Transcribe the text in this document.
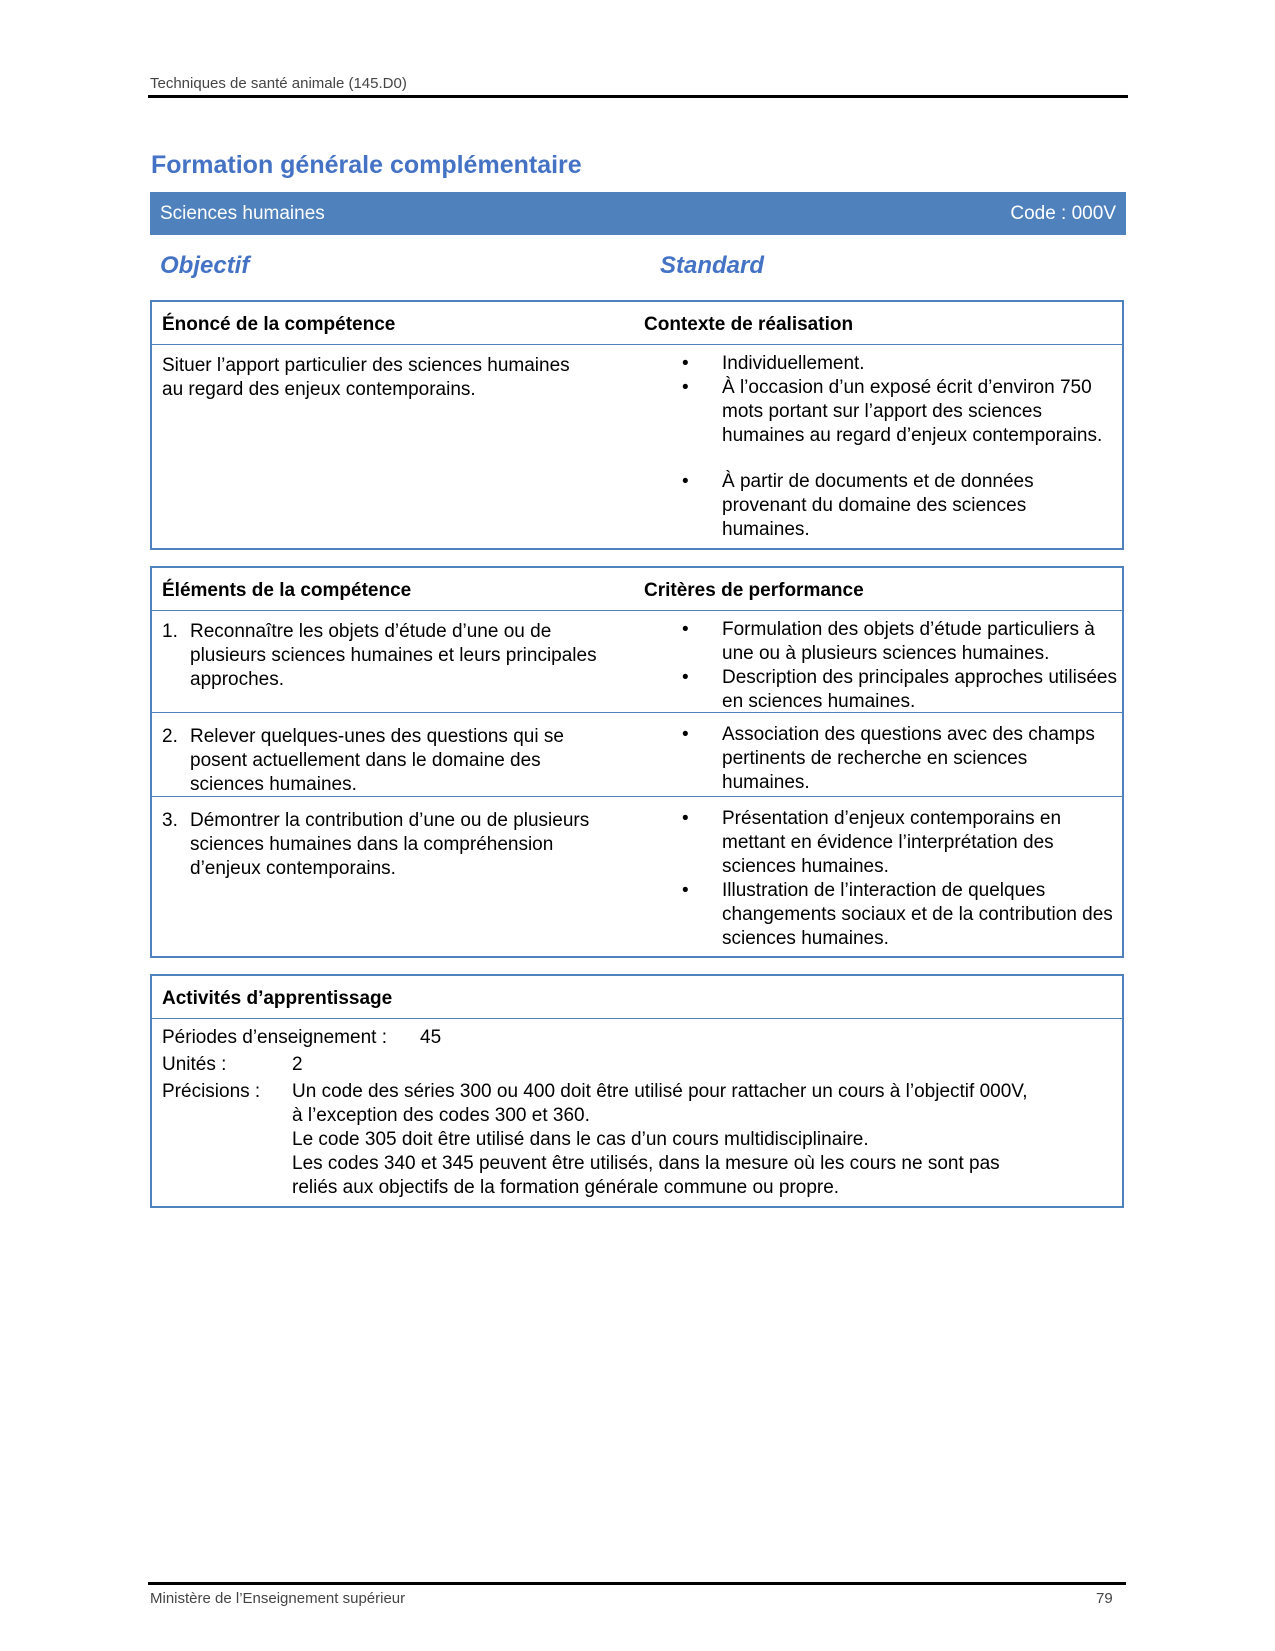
Techniques de santé animale (145.D0)
Formation générale complémentaire
Sciences humaines	Code : 000V
Objectif	Standard
Énoncé de la compétence	Contexte de réalisation
Situer l’apport particulier des sciences humaines
au regard des enjeux contemporains.
• Individuellement.
• À l’occasion d’un exposé écrit d’environ 750 mots portant sur l’apport des sciences humaines au regard d’enjeux contemporains.
• À partir de documents et de données provenant du domaine des sciences humaines.
Éléments de la compétence	Critères de performance
1. Reconnaître les objets d’étude d’une ou de plusieurs sciences humaines et leurs principales approches.
• Formulation des objets d’étude particuliers à une ou à plusieurs sciences humaines.
• Description des principales approches utilisées en sciences humaines.
2. Relever quelques-unes des questions qui se posent actuellement dans le domaine des sciences humaines.
• Association des questions avec des champs pertinents de recherche en sciences humaines.
3. Démontrer la contribution d’une ou de plusieurs sciences humaines dans la compréhension d’enjeux contemporains.
• Présentation d’enjeux contemporains en mettant en évidence l’interprétation des sciences humaines.
• Illustration de l’interaction de quelques changements sociaux et de la contribution des sciences humaines.
Activités d’apprentissage
Périodes d’enseignement : 45
Unités :	2
Précisions : Un code des séries 300 ou 400 doit être utilisé pour rattacher un cours à l’objectif 000V,
à l’exception des codes 300 et 360.
Le code 305 doit être utilisé dans le cas d’un cours multidisciplinaire.
Les codes 340 et 345 peuvent être utilisés, dans la mesure où les cours ne sont pas
reliés aux objectifs de la formation générale commune ou propre.
Ministère de l’Enseignement supérieur	79
